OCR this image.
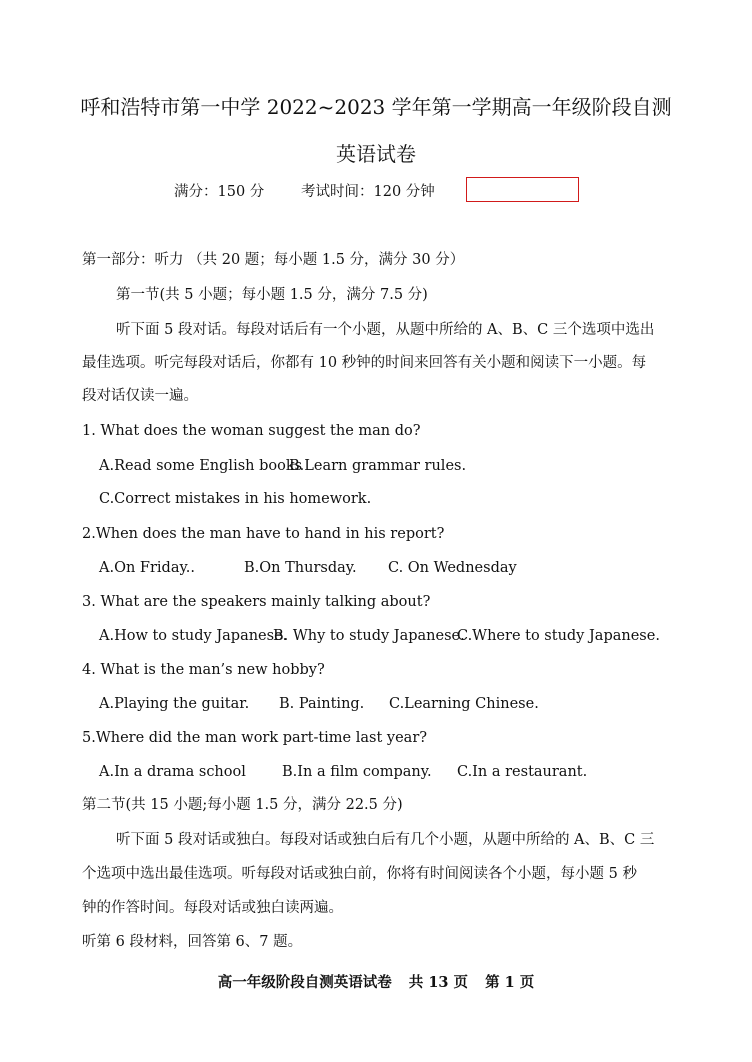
呼和浩特市第一中学 2022~2023 学年第一学期高一年级阶段自测
英语试卷
满分：150 分	考试时间：120 分钟
第一部分：听力 （共 20 题；每小题 1.5 分，满分 30 分）
第一节(共 5 小题；每小题 1.5 分，满分 7.5 分)
听下面 5 段对话。每段对话后有一个小题，从题中所给的 A、B、C 三个选项中选出
最佳选项。听完每段对话后，你都有 10 秒钟的时间来回答有关小题和阅读下一小题。每
段对话仅读一遍。
1. What does the woman suggest the man do?
A.Read some English books
B.Learn grammar rules.
C.Correct mistakes in his homework.
2.When does the man have to hand in his report?
A.On Friday..	B.On Thursday. C. On Wednesday
3. What are the speakers mainly talking about?
A.How to study Japanese.
B. Why to study Japanese.
C.Where to study Japanese.
4. What is the man’s new hobby?
A.Playing the guitar. B. Painting. C.Learning Chinese.
5.Where did the man work part-time last year?
A.In a drama school B.In a film company. C.In a restaurant.
第二节(共 15 小题;每小题 1.5 分，满分 22.5 分)
听下面 5 段对话或独白。每段对话或独白后有几个小题，从题中所给的 A、B、C 三
个选项中选出最佳选项。听每段对话或独白前，你将有时间阅读各个小题，每小题 5 秒
钟的作答时间。每段对话或独白读两遍。
听第 6 段材料，回答第 6、7 题。
高一年级阶段自测英语试卷 共 13 页 第 1 页
